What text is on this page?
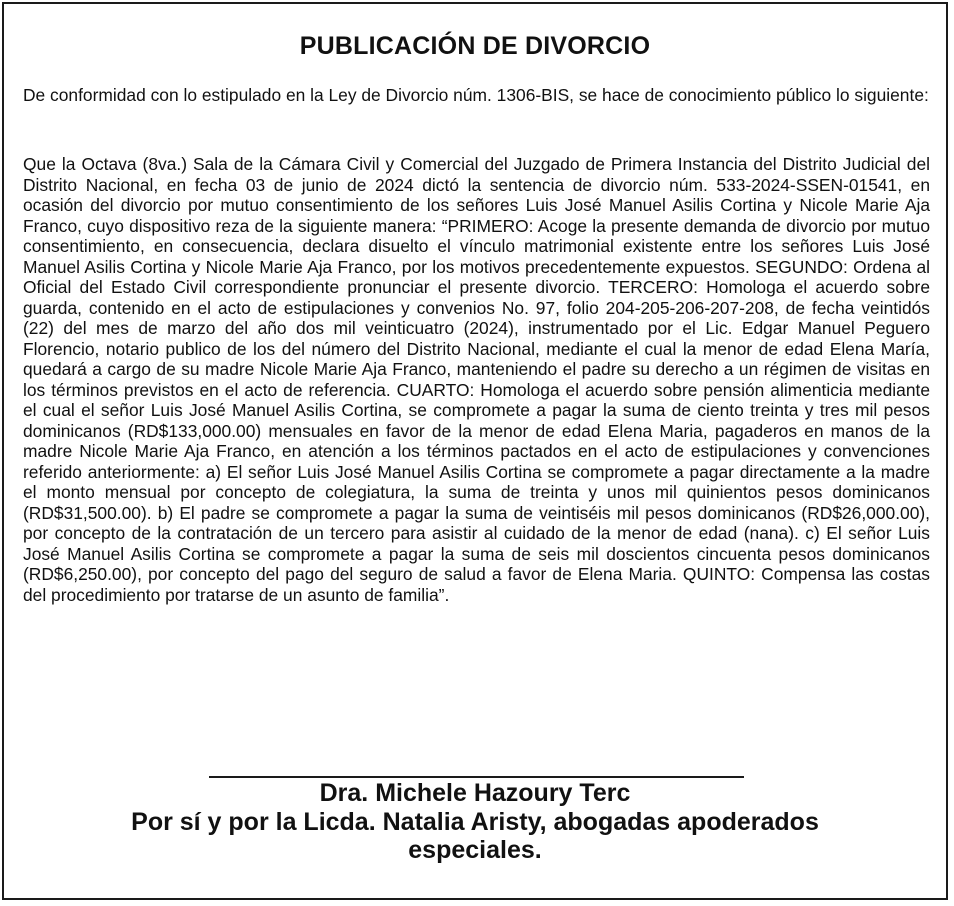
PUBLICACIÓN DE DIVORCIO

De conformidad con lo estipulado en la Ley de Divorcio núm. 1306-BIS, se hace de conocimiento público lo siguiente:

Que la Octava (8va.) Sala de la Cámara Civil y Comercial del Juzgado de Primera Instancia del Distrito Judicial del Distrito Nacional, en fecha 03 de junio de 2024 dictó la sentencia de divorcio núm. 533-2024-SSEN-01541, en ocasión del divorcio por mutuo consentimiento de los señores Luis José Manuel Asilis Cortina y Nicole Marie Aja Franco, cuyo dispositivo reza de la siguiente manera: “PRIMERO: Acoge la presente demanda de divorcio por mutuo consentimiento, en consecuencia, declara disuelto el vínculo matrimonial existente entre los señores Luis José Manuel Asilis Cortina y Nicole Marie Aja Franco, por los motivos precedentemente expuestos. SEGUNDO: Ordena al Oficial del Estado Civil correspondiente pronunciar el presente divorcio. TERCERO: Homologa el acuerdo sobre guarda, contenido en el acto de estipulaciones y convenios No. 97, folio 204-205-206-207-208, de fecha veintidós (22) del mes de marzo del año dos mil veinticuatro (2024), instrumentado por el Lic. Edgar Manuel Peguero Florencio, notario publico de los del número del Distrito Nacional, mediante el cual la menor de edad Elena María, quedará a cargo de su madre Nicole Marie Aja Franco, manteniendo el padre su derecho a un régimen de visitas en los términos previstos en el acto de referencia. CUARTO: Homologa el acuerdo sobre pensión alimenticia mediante el cual el señor Luis José Manuel Asilis Cortina, se compromete a pagar la suma de ciento treinta y tres mil pesos dominicanos (RD$133,000.00) mensuales en favor de la menor de edad Elena Maria, pagaderos en manos de la madre Nicole Marie Aja Franco, en atención a los términos pactados en el acto de estipulaciones y convenciones referido anteriormente: a) El señor Luis José Manuel Asilis Cortina se compromete a pagar directamente a la madre el monto mensual por concepto de colegiatura, la suma de treinta y unos mil quinientos pesos dominicanos (RD$31,500.00). b) El padre se compromete a pagar la suma de veintiséis mil pesos dominicanos (RD$26,000.00), por concepto de la contratación de un tercero para asistir al cuidado de la menor de edad (nana). c) El señor Luis José Manuel Asilis Cortina se compromete a pagar la suma de seis mil doscientos cincuenta pesos dominicanos (RD$6,250.00), por concepto del pago del seguro de salud a favor de Elena Maria. QUINTO: Compensa las costas del procedimiento por tratarse de un asunto de familia”.

Dra. Michele Hazoury Terc
Por sí y por la Licda. Natalia Aristy, abogadas apoderados
especiales.
